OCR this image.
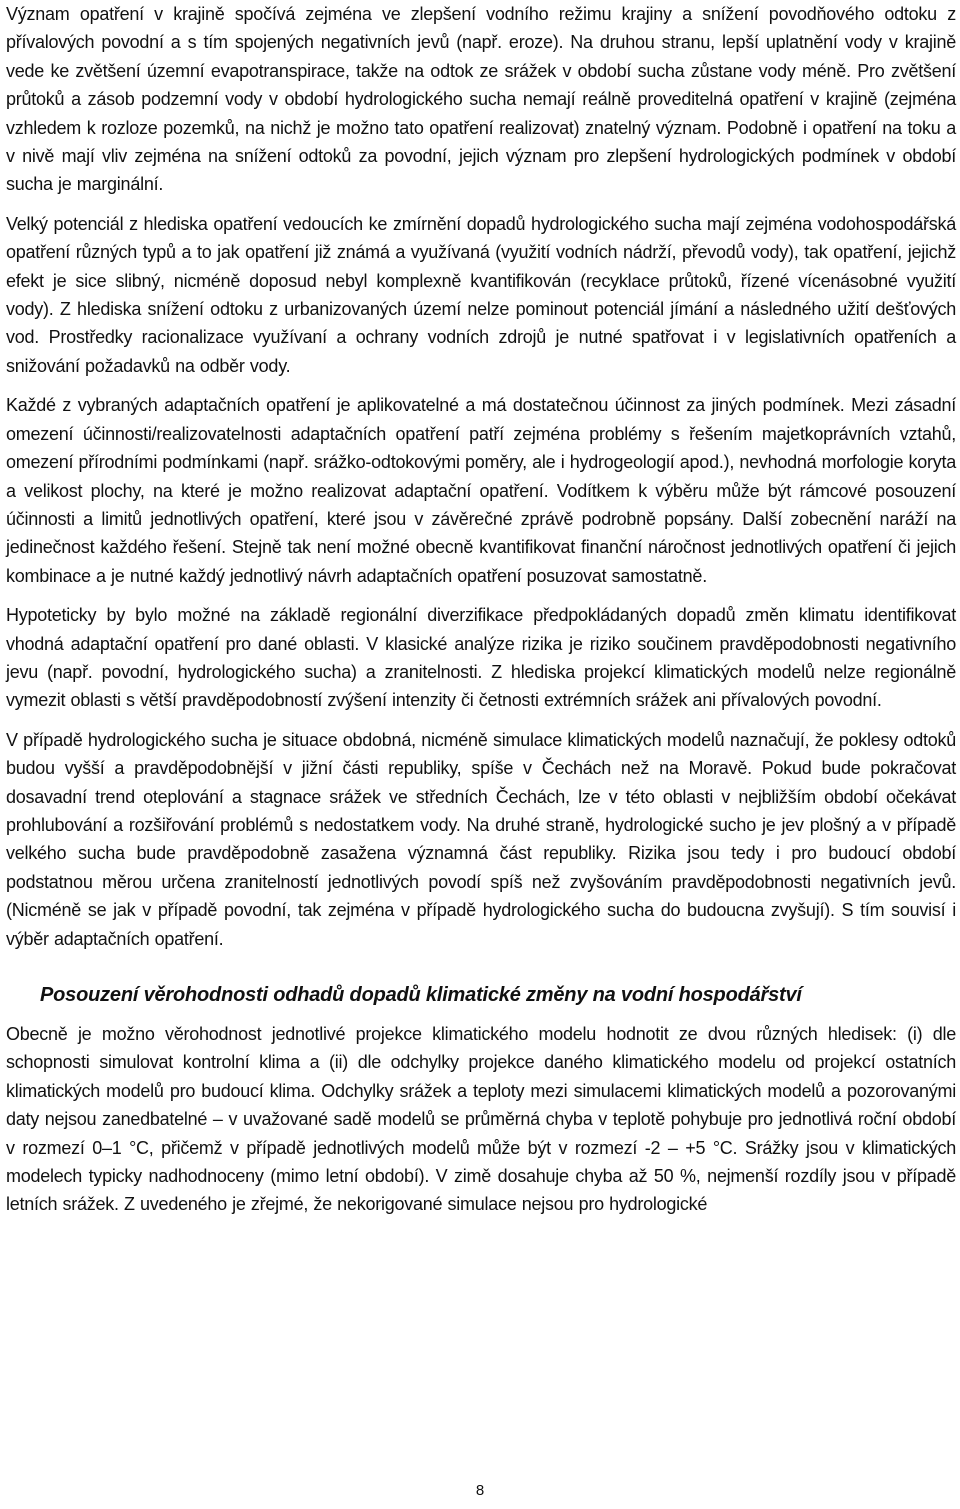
Význam opatření v krajině spočívá zejména ve zlepšení vodního režimu krajiny a snížení povodňového odtoku z přívalových povodní a s tím spojených negativních jevů (např. eroze). Na druhou stranu, lepší uplatnění vody v krajině vede ke zvětšení územní evapotranspirace, takže na odtok ze srážek v období sucha zůstane vody méně. Pro zvětšení průtoků a zásob podzemní vody v období hydrologického sucha nemají reálně proveditelná opatření v krajině (zejména vzhledem k rozloze pozemků, na nichž je možno tato opatření realizovat) znatelný význam. Podobně i opatření na toku a v nivě mají vliv zejména na snížení odtoků za povodní, jejich význam pro zlepšení hydrologických podmínek v období sucha je marginální.

Velký potenciál z hlediska opatření vedoucích ke zmírnění dopadů hydrologického sucha mají zejména vodohospodářská opatření různých typů a to jak opatření již známá a využívaná (využití vodních nádrží, převodů vody), tak opatření, jejichž efekt je sice slibný, nicméně doposud nebyl komplexně kvantifikován (recyklace průtoků, řízené vícenásobné využití vody). Z hlediska snížení odtoku z urbanizovaných území nelze pominout potenciál jímání a následného užití dešťových vod. Prostředky racionalizace využívaní a ochrany vodních zdrojů je nutné spatřovat i v legislativních opatřeních a snižování požadavků na odběr vody.

Každé z vybraných adaptačních opatření je aplikovatelné a má dostatečnou účinnost za jiných podmínek. Mezi zásadní omezení účinnosti/realizovatelnosti adaptačních opatření patří zejména problémy s řešením majetkoprávních vztahů, omezení přírodními podmínkami (např. srážko-odtokovými poměry, ale i hydrogeologií apod.), nevhodná morfologie koryta a velikost plochy, na které je možno realizovat adaptační opatření. Vodítkem k výběru může být rámcové posouzení účinnosti a limitů jednotlivých opatření, které jsou v závěrečné zprávě podrobně popsány. Další zobecnění naráží na jedinečnost každého řešení. Stejně tak není možné obecně kvantifikovat finanční náročnost jednotlivých opatření či jejich kombinace a je nutné každý jednotlivý návrh adaptačních opatření posuzovat samostatně.

Hypoteticky by bylo možné na základě regionální diverzifikace předpokládaných dopadů změn klimatu identifikovat vhodná adaptační opatření pro dané oblasti. V klasické analýze rizika je riziko součinem pravděpodobnosti negativního jevu (např. povodní, hydrologického sucha) a zranitelnosti. Z hlediska projekcí klimatických modelů nelze regionálně vymezit oblasti s větší pravděpodobností zvýšení intenzity či četnosti extrémních srážek ani přívalových povodní.

V případě hydrologického sucha je situace obdobná, nicméně simulace klimatických modelů naznačují, že poklesy odtoků budou vyšší a pravděpodobnější v jižní části republiky, spíše v Čechách než na Moravě. Pokud bude pokračovat dosavadní trend oteplování a stagnace srážek ve středních Čechách, lze v této oblasti v nejbližším období očekávat prohlubování a rozšiřování problémů s nedostatkem vody. Na druhé straně, hydrologické sucho je jev plošný a v případě velkého sucha bude pravděpodobně zasažena významná část republiky. Rizika jsou tedy i pro budoucí období podstatnou měrou určena zranitelností jednotlivých povodí spíš než zvyšováním pravděpodobnosti negativních jevů. (Nicméně se jak v případě povodní, tak zejména v případě hydrologického sucha do budoucna zvyšují). S tím souvisí i výběr adaptačních opatření.

Posouzení věrohodnosti odhadů dopadů klimatické změny na vodní hospodářství

Obecně je možno věrohodnost jednotlivé projekce klimatického modelu hodnotit ze dvou různých hledisek: (i) dle schopnosti simulovat kontrolní klima a (ii) dle odchylky projekce daného klimatického modelu od projekcí ostatních klimatických modelů pro budoucí klima. Odchylky srážek a teploty mezi simulacemi klimatických modelů a pozorovanými daty nejsou zanedbatelné – v uvažované sadě modelů se průměrná chyba v teplotě pohybuje pro jednotlivá roční období v rozmezí 0–1 °C, přičemž v případě jednotlivých modelů může být v rozmezí -2 – +5 °C. Srážky jsou v klimatických modelech typicky nadhodnoceny (mimo letní období). V zimě dosahuje chyba až 50 %, nejmenší rozdíly jsou v případě letních srážek. Z uvedeného je zřejmé, že nekorigované simulace nejsou pro hydrologické

8
